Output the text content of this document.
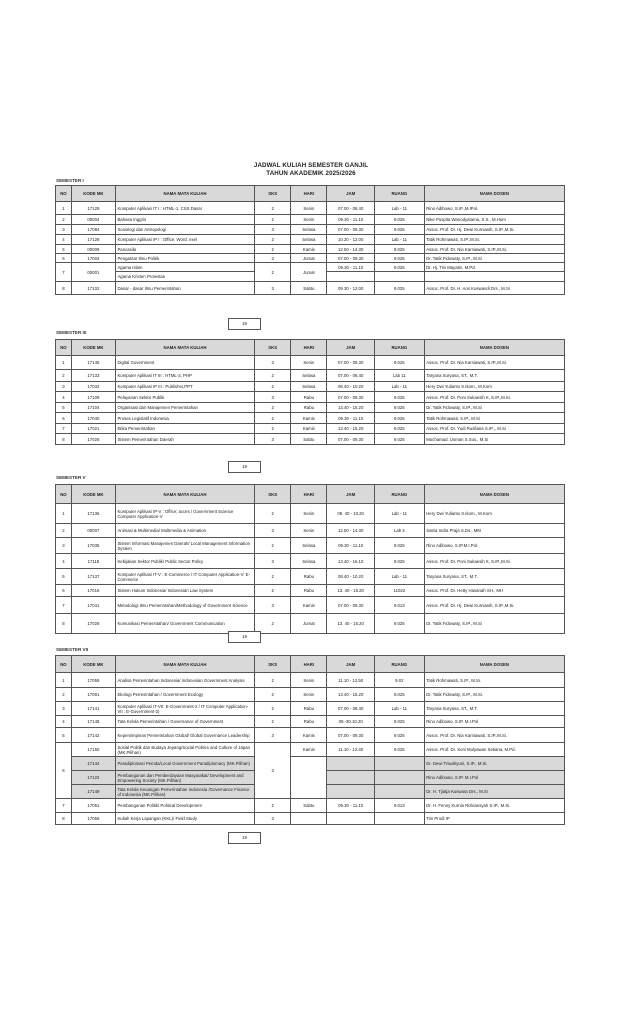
JADWAL KULIAH SEMESTER GANJIL
TAHUN AKADEMIK 2025/2026
SEMESTER I
NO	KODE MK	NAMA MATA KULIAH	SKS	HARI	JAM	RUANG	NAMA DOSEN
1	17129	Komputer Aplikasi IT I : HTML-1, CSS Dasar	2	Senin	07.00 - 08.40	Lab - 11	Rino Adibowo, S.IP.,M.IPol.
2	00004	Bahasa Inggris	2	Senin	09.30 - 11.10	9.025	Nike Puspita Wanodyatama, S.S., M.Hum
3	17084	Sosiologi dan Antropologi	3	Selasa	07.00 - 09.30	9.025	Assoc. Prof. Dr. Hj. Dewi Kurniasih, S.IP.,M.Si.
4	17128	Komputer Aplikasi IP I : Office; Word, exel	2	Selasa	10.20 - 12.00	Lab - 11	Tatik Rohmawati, S.IP.,M.Si.
5	00008	Pancasila	2	Kamis	12.50 - 14.30	9.025	Assoc. Prof. Dr. Nia Karniawati, S.IP.,M.Si.
6	17004	Pengantar Ilmu Politik	3	Jumat	07.00 - 09.30	9.025	Dr. Tatik Fidowaty, S.IP., M.Si
7	00001	Agama Islam	2	Jumat	09.30 - 11.10	9.025	Dr. Hj. Tini Mayatin, M.Pd.
		Agama Kristen Protestan					
8	17102	Dasar - dasar Ilmu Pemerintahan	3	Sabtu	09.30 - 12.00	9.025	Assoc. Prof. Dr. H. Aos Kuswandi Drs., M.Si
19
SEMESTER III
NO	KODE MK	NAMA MATA KULIAH	SKS	HARI	JAM	RUANG	NAMA DOSEN
1	17145	Digital Government	3	Senin	07.00 - 09.30	9.025	Assoc. Prof. Dr. Nia Karniawati, S.IP.,M.Si.
2	17133	Komputer Aplikasi IT III : HTML-3, PHP	2	Selasa	07.00 - 08.40	Lab 11	Taryana Suryana, ST., M.T.
3	17032	Komputer Aplikasi IP III : Publisher,PPT	2	Selasa	08.40 - 10.20	Lab - 11	Hery Dwi Yulianto S.Ikom., M.Kom
4	17109	Pelayanan Sektor Publik	3	Rabu	07.00 - 09.30	9.025	Assoc. Prof. Dr. Poni Sukaesih K, S.IP.,M.Si.
5	17104	Organisasi dan Manajemen Pemerintahan	2	Rabu	13.40 - 15.20	9.025	Dr. Tatik Fidowaty, S.IP., M.Si
6	17040	Proses Legislatif Indonesia	2	Kamis	09.30 - 11.10	9.025	Tatik Rohmawati, S.IP., M.Si
7	17021	Etika Pemerintahan	2	Kamis	13.40 - 15.20	9.025	Assoc. Prof. Dr. Yudi Rusfiana S.IP.,, M.Si
8	17026	Sistem Pemerintahan Daerah	3	Sabtu	07.00 - 09.30	9.025	Mochamad. Usman S.Sos., M.Si
19
SEMESTER V
NO	KODE MK	NAMA MATA KULIAH	SKS	HARI	JAM	RUANG	NAMA DOSEN
1	17136	Komputer Aplikasi IP-V : Office; acces / Government Science Computer Application-V	2	Senin	08. 40 - 10.20	Lab - 11	Hery Dwi Yulianto S.Ikom., M.Kom
2	00007	Animasi & Multimedia/ Multimedia & Animation	3	Senin	12.50 - 14.30	Lab 3	Satria Indra Praja S.Ds., MM
3	17035	Sistem Informasi Manajemen Daerah/ Local Management Information System	2	Selasa	09.30 - 11.10	9.025	Rino Adibowo, S.IP.M.I.Pol.
4	17118	Kebijakan Sektor Publik/ Public Sector Policy	3	Selasa	13.40 - 16.10	9.025	Assoc. Prof. Dr. Poni Sukaesih K, S.IP.,M.Si.
5	17137	Komputer Aplikasi IT-V : E-Commerce / IT Computer Application-V: E-Commerce	2	Rabu	08.40 - 10.20	Lab - 11	Taryana Suryana, ST., M.T.
6	17016	Sistem Hukum Indonesia/ Indonesian Law System	2	Rabu	13. 40 - 15.20	11022	Assoc. Prof. Dr. Hetty Hasanah SH., MH
7	17041	Metodologi Ilmu Pemerintahan/Methodology of Government Science	3	Kamis	07.00 - 09.30	9.013	Assoc. Prof. Dr. Hj. Dewi Kurniasih, S.IP.,M.Si.
8	17029	Komunikasi Pemerintahan/ Government Communication	2	Jumat	13. 40 - 15.20	9.025	Dr. Tatik Fidowaty, S.IP., M.Si
19
SEMESTER VII
NO	KODE MK	NAMA MATA KULIAH	SKS	HARI	JAM	RUANG	NAMA DOSEN
1	17059	Analisa Pemerintahan Indonesia/ Indonesian Government Analysis	2	Senin	11.10 - 12.50	9.02	Tatik Rohmawati, S.IP., M.Si.
2	17091	Ekologi Pemerintahan / Government Ecology	2	Senin	13.40 - 15.20	9.025	Dr. Tatik Fidowaty, S.IP., M.Si.
3	17141	Komputer Aplikasi IT-VII: E-Government-2 / IT Computer Application-VII : E-Government-2)	2	Rabu	07.00 - 08.40	Lab - 11	Taryana Suryana, ST., M.T.
4	17148	Tata Kelola Pemerintahan / Governance of Government	2	Rabu	09.-30.10.20	9.025	Rino Adibowo, S.IP. M.I.Pol
5	17142	Kepemimpinan Pemerintahan Global/ Global Governance Leadership	3	Kamis	07.00 - 09.30	9.025	Assoc. Prof. Dr. Nia Karniawati, S.IP.,M.Si.
6	17150	Sosial Politik dan Budaya Jepang/Social Politics and Culture of Japan (MK.Pilihan)	3	Kamis	11.10 - 12.40	9.025	Assoc. Prof. Dr. Soni Mulyawan Setiana, M.Pd.
	17144	Paradiplomasi Pemda/Local Government Paradiplomacy (MK.Pilihan)					Dr. Dewi Triwahyuni, S.IP., M.Si.
	17122	Pembangunan dan Pemberdayaan Masyarakat/ Development and Empowering Society (MK.Pilihan)					Rino Adibowo, S.IP. M.I.Pol
	17149	Tata Kelola Keuangan Pemerintahan Indonesia /Governance Finance of Indonesia (MK.Pilihan)					Dr. H. Tjiatja Kuswara Drs., M.Si
7	17051	Pembangunan Politik/ Political Development	2	Sabtu	09.30 - 11.10	9.013	Dr. H. Fenny Kurnia Rizkiansyah S.IP., M.Si.
8	17056	Kuliah Kerja Lapangan (KKL)/ Field Study	3				Tim Prodi IP
19
